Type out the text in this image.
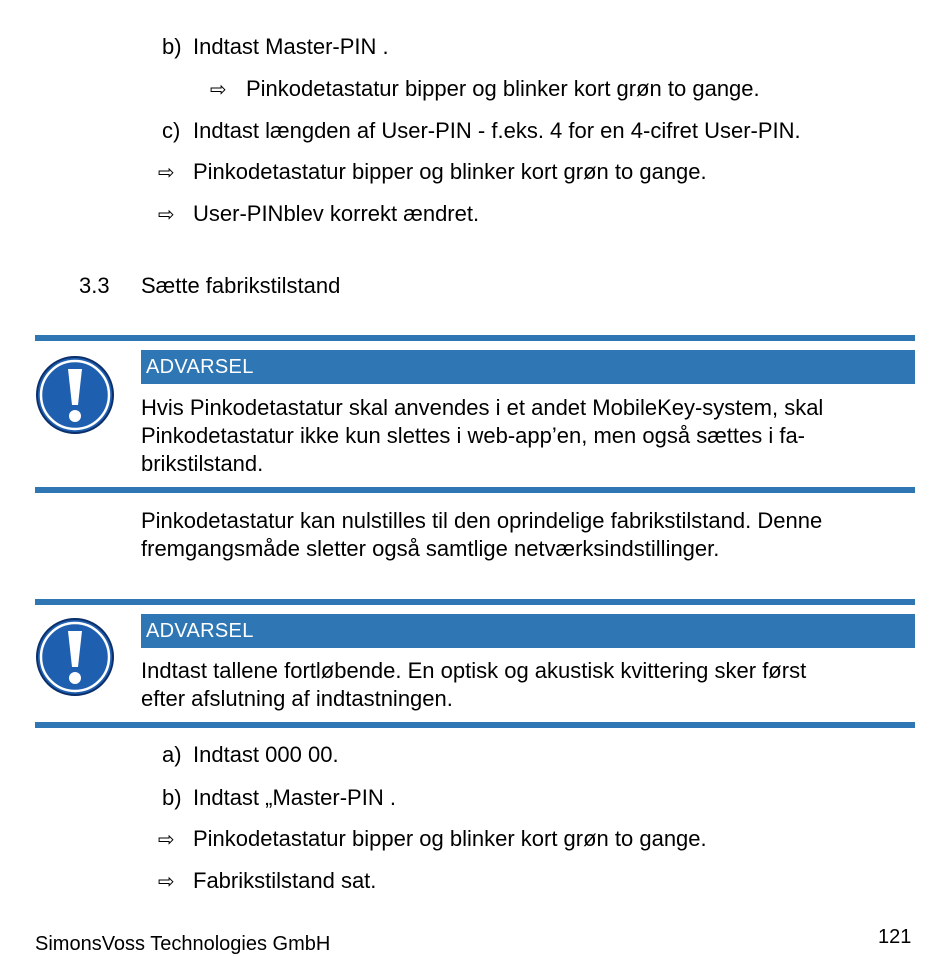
b) Indtast Master-PIN .
⇨ Pinkodetastatur bipper og blinker kort grøn to gange.
c) Indtast længden af User-PIN - f.eks. 4 for en 4-cifret User-PIN.
⇨ Pinkodetastatur bipper og blinker kort grøn to gange.
⇨ User-PINblev korrekt ændret.
3.3 Sætte fabrikstilstand
ADVARSEL
Hvis Pinkodetastatur skal anvendes i et andet MobileKey-system, skal
Pinkodetastatur ikke kun slettes i web-app’en, men også sættes i fa-
brikstilstand.
Pinkodetastatur kan nulstilles til den oprindelige fabrikstilstand. Denne
fremgangsmåde sletter også samtlige netværksindstillinger.
ADVARSEL
Indtast tallene fortløbende. En optisk og akustisk kvittering sker først
efter afslutning af indtastningen.
a) Indtast 000 00.
b) Indtast „Master-PIN .
⇨ Pinkodetastatur bipper og blinker kort grøn to gange.
⇨ Fabrikstilstand sat.
SimonsVoss Technologies GmbH	121
